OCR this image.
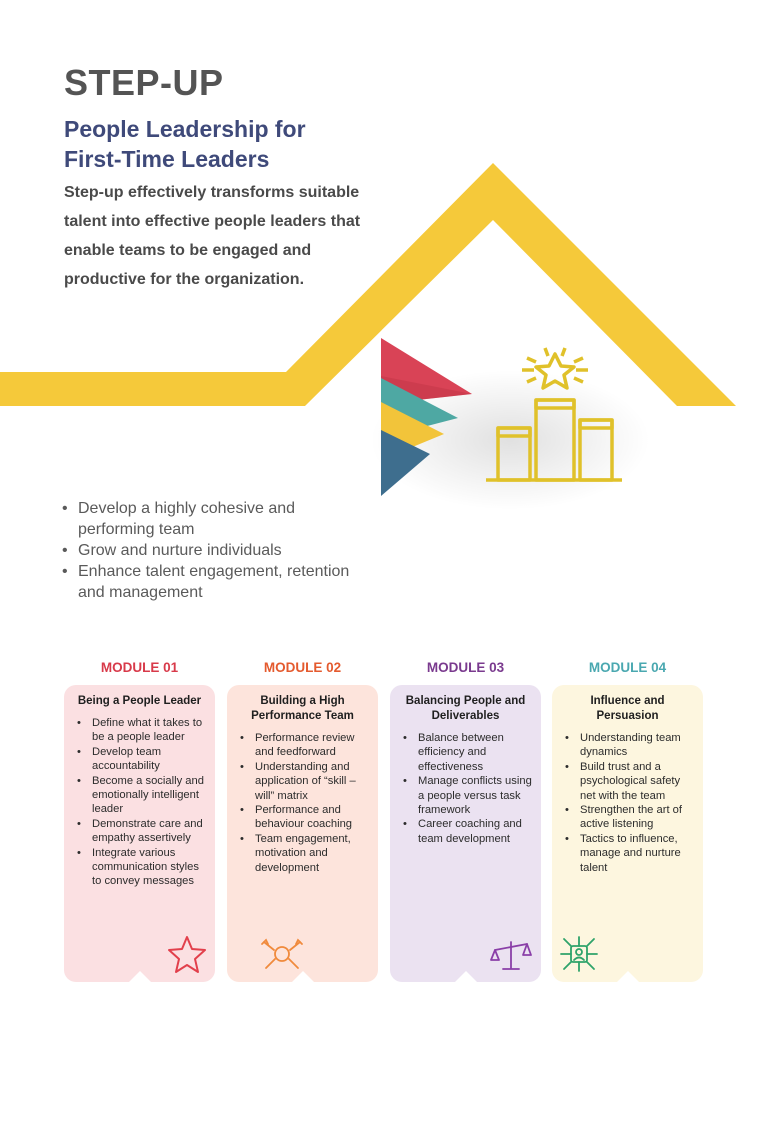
STEP-UP
People Leadership for
First-Time Leaders

Step-up effectively transforms suitable talent into effective people leaders that enable teams to be engaged and productive for the organization.

• Develop a highly cohesive and performing team
• Grow and nurture individuals
• Enhance talent engagement, retention and management

MODULE 01

Being a People Leader

• Define what it takes to be a people leader
• Develop team accountability
• Become a socially and emotionally intelligent leader
• Demonstrate care and empathy assertively
• Integrate various communication styles to convey messages

MODULE 02

Building a High Performance Team

• Performance review and feedforward
• Understanding and application of “skill – will” matrix
• Performance and behaviour coaching
• Team engagement, motivation and development

MODULE 03

Balancing People and Deliverables

• Balance between efficiency and effectiveness
• Manage conflicts using a people versus task framework
• Career coaching and team development

MODULE 04

Influence and Persuasion

• Understanding team dynamics
• Build trust and a psychological safety net with the team
• Strengthen the art of active listening
• Tactics to influence, manage and nurture talent
